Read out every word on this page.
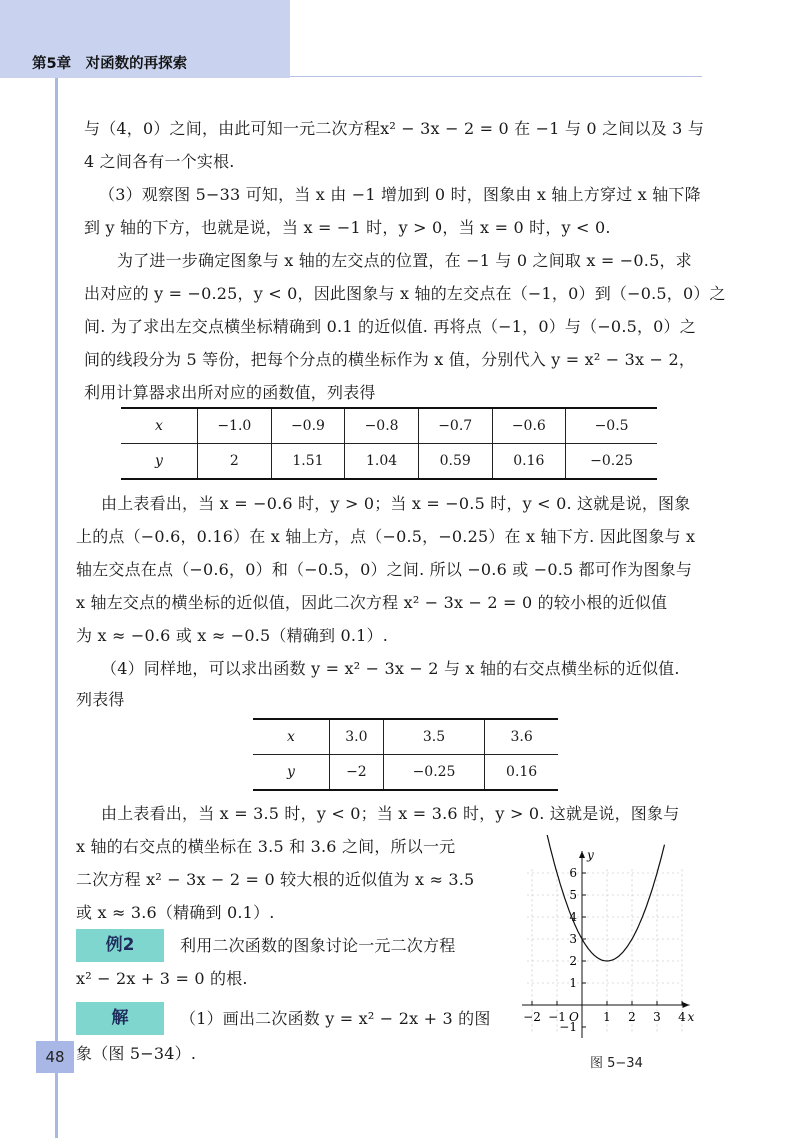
第5章　对函数的再探索
与（4，0）之间，由此可知一元二次方程x² − 3x − 2 = 0 在 −1 与 0 之间以及 3 与
4 之间各有一个实根.
（3）观察图 5−33 可知，当 x 由 −1 增加到 0 时，图象由 x 轴上方穿过 x 轴下降
到 y 轴的下方，也就是说，当 x = −1 时，y > 0，当 x = 0 时，y < 0.
为了进一步确定图象与 x 轴的左交点的位置，在 −1 与 0 之间取 x = −0.5，求
出对应的 y = −0.25，y < 0，因此图象与 x 轴的左交点在（−1，0）到（−0.5，0）之
间. 为了求出左交点横坐标精确到 0.1 的近似值. 再将点（−1，0）与（−0.5，0）之
间的线段分为 5 等份，把每个分点的横坐标作为 x 值，分别代入 y = x² − 3x − 2，
利用计算器求出所对应的函数值，列表得
x	−1.0	−0.9	−0.8	−0.7	−0.6	−0.5
y	2	1.51	1.04	0.59	0.16	−0.25
由上表看出，当 x = −0.6 时，y > 0；当 x = −0.5 时，y < 0. 这就是说，图象
上的点（−0.6，0.16）在 x 轴上方，点（−0.5，−0.25）在 x 轴下方. 因此图象与 x
轴左交点在点（−0.6，0）和（−0.5，0）之间. 所以 −0.6 或 −0.5 都可作为图象与
x 轴左交点的横坐标的近似值，因此二次方程 x² − 3x − 2 = 0 的较小根的近似值
为 x ≈ −0.6 或 x ≈ −0.5（精确到 0.1）.
（4）同样地，可以求出函数 y = x² − 3x − 2 与 x 轴的右交点横坐标的近似值.
列表得
x	3.0	3.5	3.6
y	−2	−0.25	0.16
由上表看出，当 x = 3.5 时，y < 0；当 x = 3.6 时，y > 0. 这就是说，图象与
x 轴的右交点的横坐标在 3.5 和 3.6 之间，所以一元
二次方程 x² − 3x − 2 = 0 较大根的近似值为 x ≈ 3.5
或 x ≈ 3.6（精确到 0.1）.
例2	利用二次函数的图象讨论一元二次方程
x² − 2x + 3 = 0 的根.
解	（1）画出二次函数 y = x² − 2x + 3 的图
象（图 5−34）.
48
−2 −1	1 2 3 4
6
5
4
3
2
1
−1
x
y
O
图 5−34
